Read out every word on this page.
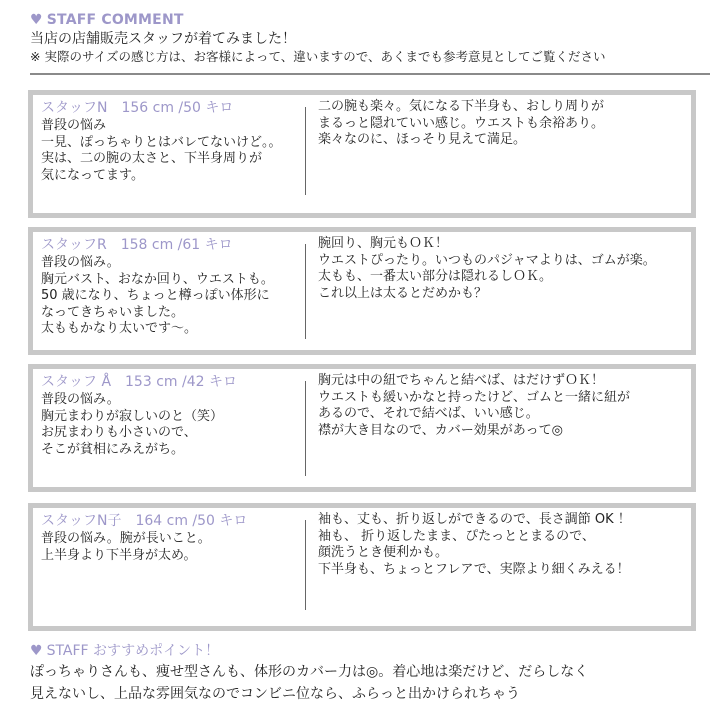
♥ STAFF COMMENT
当店の店舗販売スタッフが着てみました！
※ 実際のサイズの感じ方は、お客様によって、違いますので、あくまでも参考意見としてご覧ください
スタッフN　156 cm /50 キロ
普段の悩み
一見、ぽっちゃりとはバレてないけど。。
実は、二の腕の太さと、下半身周りが
気になってます。
二の腕も楽々。気になる下半身も、おしり周りが
まるっと隠れていい感じ。ウエストも余裕あり。
楽々なのに、ほっそり見えて満足。
スタッフR　158 cm /61 キロ
普段の悩み。
胸元バスト、おなか回り、ウエストも。
50 歳になり、ちょっと樽っぽい体形に
なってきちゃいました。
太ももかなり太いです〜。
腕回り、胸元もＯＫ！
ウエストぴったり。いつものパジャマよりは、ゴムが楽。
太もも、一番太い部分は隠れるしＯＫ。
これ以上は太るとだめかも？
スタッフ Å　153 cm /42 キロ
普段の悩み。
胸元まわりが寂しいのと（笑）
お尻まわりも小さいので、
そこが貧相にみえがち。
胸元は中の紐でちゃんと結べば、はだけずＯＫ！
ウエストも緩いかなと持ったけど、ゴムと一緒に紐が
あるので、それで結べば、いい感じ。
襟が大き目なので、カバー効果があって◎
スタッフN子　164 cm /50 キロ
普段の悩み。腕が長いこと。
上半身より下半身が太め。
袖も、丈も、折り返しができるので、長さ調節 OK ！
袖も、 折り返したまま、ぴたっととまるので、
顔洗うとき便利かも。
下半身も、ちょっとフレアで、実際より細くみえる！
♥ STAFF おすすめポイント！
ぽっちゃりさんも、痩せ型さんも、体形のカバー力は◎。着心地は楽だけど、だらしなく
見えないし、上品な雰囲気なのでコンビニ位なら、ふらっと出かけられちゃう
